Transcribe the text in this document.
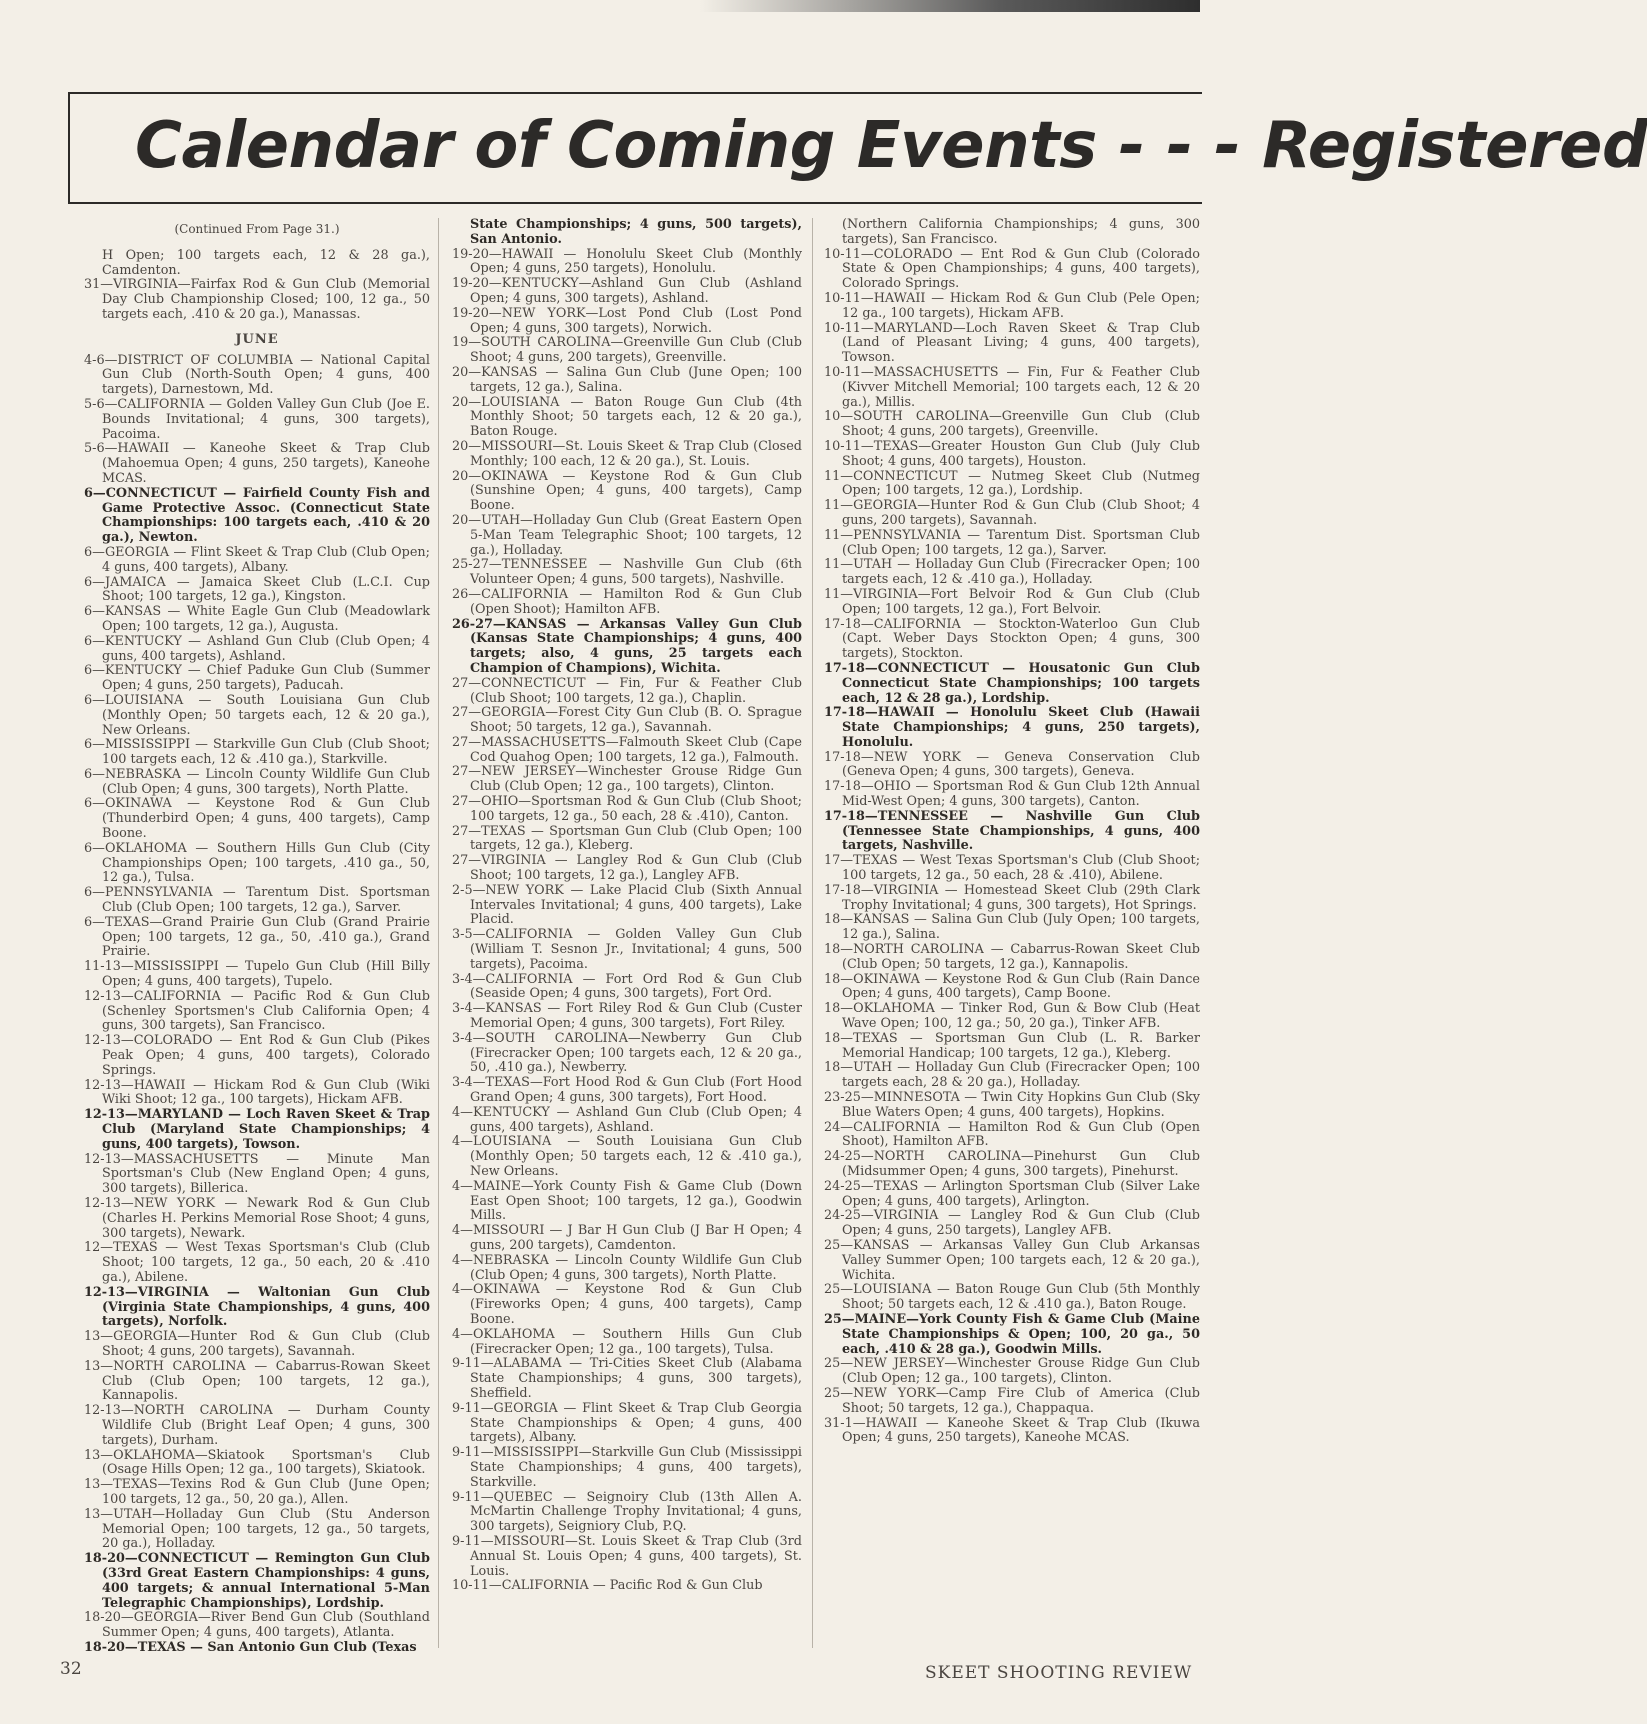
Calendar of Coming Events - - - Registered
(Continued From Page 31.)

H Open; 100 targets each, 12 & 28 ga.), Camdenton.

31—VIRGINIA—Fairfax Rod & Gun Club (Memorial Day Club Championship Closed; 100, 12 ga., 50 targets each, .410 & 20 ga.), Manassas.

JUNE

4-6—DISTRICT OF COLUMBIA — National Capital Gun Club (North-South Open; 4 guns, 400 targets), Darnestown, Md.

5-6—CALIFORNIA — Golden Valley Gun Club (Joe E. Bounds Invitational; 4 guns, 300 targets), Pacoima.

5-6—HAWAII — Kaneohe Skeet & Trap Club (Mahoemua Open; 4 guns, 250 targets), Kaneohe MCAS.

6—CONNECTICUT — Fairfield County Fish and Game Protective Assoc. (Connecticut State Championships: 100 targets each, .410 & 20 ga.), Newton.

6—GEORGIA — Flint Skeet & Trap Club (Club Open; 4 guns, 400 targets), Albany.

6—JAMAICA — Jamaica Skeet Club (L.C.I. Cup Shoot; 100 targets, 12 ga.), Kingston.

6—KANSAS — White Eagle Gun Club (Meadowlark Open; 100 targets, 12 ga.), Augusta.

6—KENTUCKY — Ashland Gun Club (Club Open; 4 guns, 400 targets), Ashland.

6—KENTUCKY — Chief Paduke Gun Club (Summer Open; 4 guns, 250 targets), Paducah.

6—LOUISIANA — South Louisiana Gun Club (Monthly Open; 50 targets each, 12 & 20 ga.), New Orleans.

6—MISSISSIPPI — Starkville Gun Club (Club Shoot; 100 targets each, 12 & .410 ga.), Starkville.

6—NEBRASKA — Lincoln County Wildlife Gun Club (Club Open; 4 guns, 300 targets), North Platte.

6—OKINAWA — Keystone Rod & Gun Club (Thunderbird Open; 4 guns, 400 targets), Camp Boone.

6—OKLAHOMA — Southern Hills Gun Club (City Championships Open; 100 targets, .410 ga., 50, 12 ga.), Tulsa.

6—PENNSYLVANIA — Tarentum Dist. Sportsman Club (Club Open; 100 targets, 12 ga.), Sarver.

6—TEXAS—Grand Prairie Gun Club (Grand Prairie Open; 100 targets, 12 ga., 50, .410 ga.), Grand Prairie.

11-13—MISSISSIPPI — Tupelo Gun Club (Hill Billy Open; 4 guns, 400 targets), Tupelo.

12-13—CALIFORNIA — Pacific Rod & Gun Club (Schenley Sportsmen's Club California Open; 4 guns, 300 targets), San Francisco.

12-13—COLORADO — Ent Rod & Gun Club (Pikes Peak Open; 4 guns, 400 targets), Colorado Springs.

12-13—HAWAII — Hickam Rod & Gun Club (Wiki Wiki Shoot; 12 ga., 100 targets), Hickam AFB.

12-13—MARYLAND — Loch Raven Skeet & Trap Club (Maryland State Championships; 4 guns, 400 targets), Towson.

12-13—MASSACHUSETTS — Minute Man Sportsman's Club (New England Open; 4 guns, 300 targets), Billerica.

12-13—NEW YORK — Newark Rod & Gun Club (Charles H. Perkins Memorial Rose Shoot; 4 guns, 300 targets), Newark.

12—TEXAS — West Texas Sportsman's Club (Club Shoot; 100 targets, 12 ga., 50 each, 20 & .410 ga.), Abilene.

12-13—VIRGINIA — Waltonian Gun Club (Virginia State Championships, 4 guns, 400 targets), Norfolk.

13—GEORGIA—Hunter Rod & Gun Club (Club Shoot; 4 guns, 200 targets), Savannah.

13—NORTH CAROLINA — Cabarrus-Rowan Skeet Club (Club Open; 100 targets, 12 ga.), Kannapolis.

12-13—NORTH CAROLINA — Durham County Wildlife Club (Bright Leaf Open; 4 guns, 300 targets), Durham.

13—OKLAHOMA—Skiatook Sportsman's Club (Osage Hills Open; 12 ga., 100 targets), Skiatook.

13—TEXAS—Texins Rod & Gun Club (June Open; 100 targets, 12 ga., 50, 20 ga.), Allen.

13—UTAH—Holladay Gun Club (Stu Anderson Memorial Open; 100 targets, 12 ga., 50 targets, 20 ga.), Holladay.

18-20—CONNECTICUT — Remington Gun Club (33rd Great Eastern Championships: 4 guns, 400 targets; & annual International 5-Man Telegraphic Championships), Lordship.

18-20—GEORGIA—River Bend Gun Club (Southland Summer Open; 4 guns, 400 targets), Atlanta.

18-20—TEXAS — San Antonio Gun Club (Texas

State Championships; 4 guns, 500 targets), San Antonio.

19-20—HAWAII — Honolulu Skeet Club (Monthly Open; 4 guns, 250 targets), Honolulu.

19-20—KENTUCKY—Ashland Gun Club (Ashland Open; 4 guns, 300 targets), Ashland.

19-20—NEW YORK—Lost Pond Club (Lost Pond Open; 4 guns, 300 targets), Norwich.

19—SOUTH CAROLINA—Greenville Gun Club (Club Shoot; 4 guns, 200 targets), Greenville.

20—KANSAS — Salina Gun Club (June Open; 100 targets, 12 ga.), Salina.

20—LOUISIANA — Baton Rouge Gun Club (4th Monthly Shoot; 50 targets each, 12 & 20 ga.), Baton Rouge.

20—MISSOURI—St. Louis Skeet & Trap Club (Closed Monthly; 100 each, 12 & 20 ga.), St. Louis.

20—OKINAWA — Keystone Rod & Gun Club (Sunshine Open; 4 guns, 400 targets), Camp Boone.

20—UTAH—Holladay Gun Club (Great Eastern Open 5-Man Team Telegraphic Shoot; 100 targets, 12 ga.), Holladay.

25-27—TENNESSEE — Nashville Gun Club (6th Volunteer Open; 4 guns, 500 targets), Nashville.

26—CALIFORNIA — Hamilton Rod & Gun Club (Open Shoot); Hamilton AFB.

26-27—KANSAS — Arkansas Valley Gun Club (Kansas State Championships; 4 guns, 400 targets; also, 4 guns, 25 targets each Champion of Champions), Wichita.

27—CONNECTICUT — Fin, Fur & Feather Club (Club Shoot; 100 targets, 12 ga.), Chaplin.

27—GEORGIA—Forest City Gun Club (B. O. Sprague Shoot; 50 targets, 12 ga.), Savannah.

27—MASSACHUSETTS—Falmouth Skeet Club (Cape Cod Quahog Open; 100 targets, 12 ga.), Falmouth.

27—NEW JERSEY—Winchester Grouse Ridge Gun Club (Club Open; 12 ga., 100 targets), Clinton.

27—OHIO—Sportsman Rod & Gun Club (Club Shoot; 100 targets, 12 ga., 50 each, 28 & .410), Canton.

27—TEXAS — Sportsman Gun Club (Club Open; 100 targets, 12 ga.), Kleberg.

27—VIRGINIA — Langley Rod & Gun Club (Club Shoot; 100 targets, 12 ga.), Langley AFB.

2-5—NEW YORK — Lake Placid Club (Sixth Annual Intervales Invitational; 4 guns, 400 targets), Lake Placid.

3-5—CALIFORNIA — Golden Valley Gun Club (William T. Sesnon Jr., Invitational; 4 guns, 500 targets), Pacoima.

3-4—CALIFORNIA — Fort Ord Rod & Gun Club (Seaside Open; 4 guns, 300 targets), Fort Ord.

3-4—KANSAS — Fort Riley Rod & Gun Club (Custer Memorial Open; 4 guns, 300 targets), Fort Riley.

3-4—SOUTH CAROLINA—Newberry Gun Club (Firecracker Open; 100 targets each, 12 & 20 ga., 50, .410 ga.), Newberry.

3-4—TEXAS—Fort Hood Rod & Gun Club (Fort Hood Grand Open; 4 guns, 300 targets), Fort Hood.

4—KENTUCKY — Ashland Gun Club (Club Open; 4 guns, 400 targets), Ashland.

4—LOUISIANA — South Louisiana Gun Club (Monthly Open; 50 targets each, 12 & .410 ga.), New Orleans.

4—MAINE—York County Fish & Game Club (Down East Open Shoot; 100 targets, 12 ga.), Goodwin Mills.

4—MISSOURI — J Bar H Gun Club (J Bar H Open; 4 guns, 200 targets), Camdenton.

4—NEBRASKA — Lincoln County Wildlife Gun Club (Club Open; 4 guns, 300 targets), North Platte.

4—OKINAWA — Keystone Rod & Gun Club (Fireworks Open; 4 guns, 400 targets), Camp Boone.

4—OKLAHOMA — Southern Hills Gun Club (Firecracker Open; 12 ga., 100 targets), Tulsa.

9-11—ALABAMA — Tri-Cities Skeet Club (Alabama State Championships; 4 guns, 300 targets), Sheffield.

9-11—GEORGIA — Flint Skeet & Trap Club Georgia State Championships & Open; 4 guns, 400 targets), Albany.

9-11—MISSISSIPPI—Starkville Gun Club (Mississippi State Championships; 4 guns, 400 targets), Starkville.

9-11—QUEBEC — Seignoiry Club (13th Allen A. McMartin Challenge Trophy Invitational; 4 guns, 300 targets), Seigniory Club, P.Q.

9-11—MISSOURI—St. Louis Skeet & Trap Club (3rd Annual St. Louis Open; 4 guns, 400 targets), St. Louis.

10-11—CALIFORNIA — Pacific Rod & Gun Club

(Northern California Championships; 4 guns, 300 targets), San Francisco.

10-11—COLORADO — Ent Rod & Gun Club (Colorado State & Open Championships; 4 guns, 400 targets), Colorado Springs.

10-11—HAWAII — Hickam Rod & Gun Club (Pele Open; 12 ga., 100 targets), Hickam AFB.

10-11—MARYLAND—Loch Raven Skeet & Trap Club (Land of Pleasant Living; 4 guns, 400 targets), Towson.

10-11—MASSACHUSETTS — Fin, Fur & Feather Club (Kivver Mitchell Memorial; 100 targets each, 12 & 20 ga.), Millis.

10—SOUTH CAROLINA—Greenville Gun Club (Club Shoot; 4 guns, 200 targets), Greenville.

10-11—TEXAS—Greater Houston Gun Club (July Club Shoot; 4 guns, 400 targets), Houston.

11—CONNECTICUT — Nutmeg Skeet Club (Nutmeg Open; 100 targets, 12 ga.), Lordship.

11—GEORGIA—Hunter Rod & Gun Club (Club Shoot; 4 guns, 200 targets), Savannah.

11—PENNSYLVANIA — Tarentum Dist. Sportsman Club (Club Open; 100 targets, 12 ga.), Sarver.

11—UTAH — Holladay Gun Club (Firecracker Open; 100 targets each, 12 & .410 ga.), Holladay.

11—VIRGINIA—Fort Belvoir Rod & Gun Club (Club Open; 100 targets, 12 ga.), Fort Belvoir.

17-18—CALIFORNIA — Stockton-Waterloo Gun Club (Capt. Weber Days Stockton Open; 4 guns, 300 targets), Stockton.

17-18—CONNECTICUT — Housatonic Gun Club Connecticut State Championships; 100 targets each, 12 & 28 ga.), Lordship.

17-18—HAWAII — Honolulu Skeet Club (Hawaii State Championships; 4 guns, 250 targets), Honolulu.

17-18—NEW YORK — Geneva Conservation Club (Geneva Open; 4 guns, 300 targets), Geneva.

17-18—OHIO — Sportsman Rod & Gun Club 12th Annual Mid-West Open; 4 guns, 300 targets), Canton.

17-18—TENNESSEE — Nashville Gun Club (Tennessee State Championships, 4 guns, 400 targets, Nashville.

17—TEXAS — West Texas Sportsman's Club (Club Shoot; 100 targets, 12 ga., 50 each, 28 & .410), Abilene.

17-18—VIRGINIA — Homestead Skeet Club (29th Clark Trophy Invitational; 4 guns, 300 targets), Hot Springs.

18—KANSAS — Salina Gun Club (July Open; 100 targets, 12 ga.), Salina.

18—NORTH CAROLINA — Cabarrus-Rowan Skeet Club (Club Open; 50 targets, 12 ga.), Kannapolis.

18—OKINAWA — Keystone Rod & Gun Club (Rain Dance Open; 4 guns, 400 targets), Camp Boone.

18—OKLAHOMA — Tinker Rod, Gun & Bow Club (Heat Wave Open; 100, 12 ga.; 50, 20 ga.), Tinker AFB.

18—TEXAS — Sportsman Gun Club (L. R. Barker Memorial Handicap; 100 targets, 12 ga.), Kleberg.

18—UTAH — Holladay Gun Club (Firecracker Open; 100 targets each, 28 & 20 ga.), Holladay.

23-25—MINNESOTA — Twin City Hopkins Gun Club (Sky Blue Waters Open; 4 guns, 400 targets), Hopkins.

24—CALIFORNIA — Hamilton Rod & Gun Club (Open Shoot), Hamilton AFB.

24-25—NORTH CAROLINA—Pinehurst Gun Club (Midsummer Open; 4 guns, 300 targets), Pinehurst.

24-25—TEXAS — Arlington Sportsman Club (Silver Lake Open; 4 guns, 400 targets), Arlington.

24-25—VIRGINIA — Langley Rod & Gun Club (Club Open; 4 guns, 250 targets), Langley AFB.

25—KANSAS — Arkansas Valley Gun Club Arkansas Valley Summer Open; 100 targets each, 12 & 20 ga.), Wichita.

25—LOUISIANA — Baton Rouge Gun Club (5th Monthly Shoot; 50 targets each, 12 & .410 ga.), Baton Rouge.

25—MAINE—York County Fish & Game Club (Maine State Championships & Open; 100, 20 ga., 50 each, .410 & 28 ga.), Goodwin Mills.

25—NEW JERSEY—Winchester Grouse Ridge Gun Club (Club Open; 12 ga., 100 targets), Clinton.

25—NEW YORK—Camp Fire Club of America (Club Shoot; 50 targets, 12 ga.), Chappaqua.

31-1—HAWAII — Kaneohe Skeet & Trap Club (Ikuwa Open; 4 guns, 250 targets), Kaneohe MCAS.

32	SKEET SHOOTING REVIEW
